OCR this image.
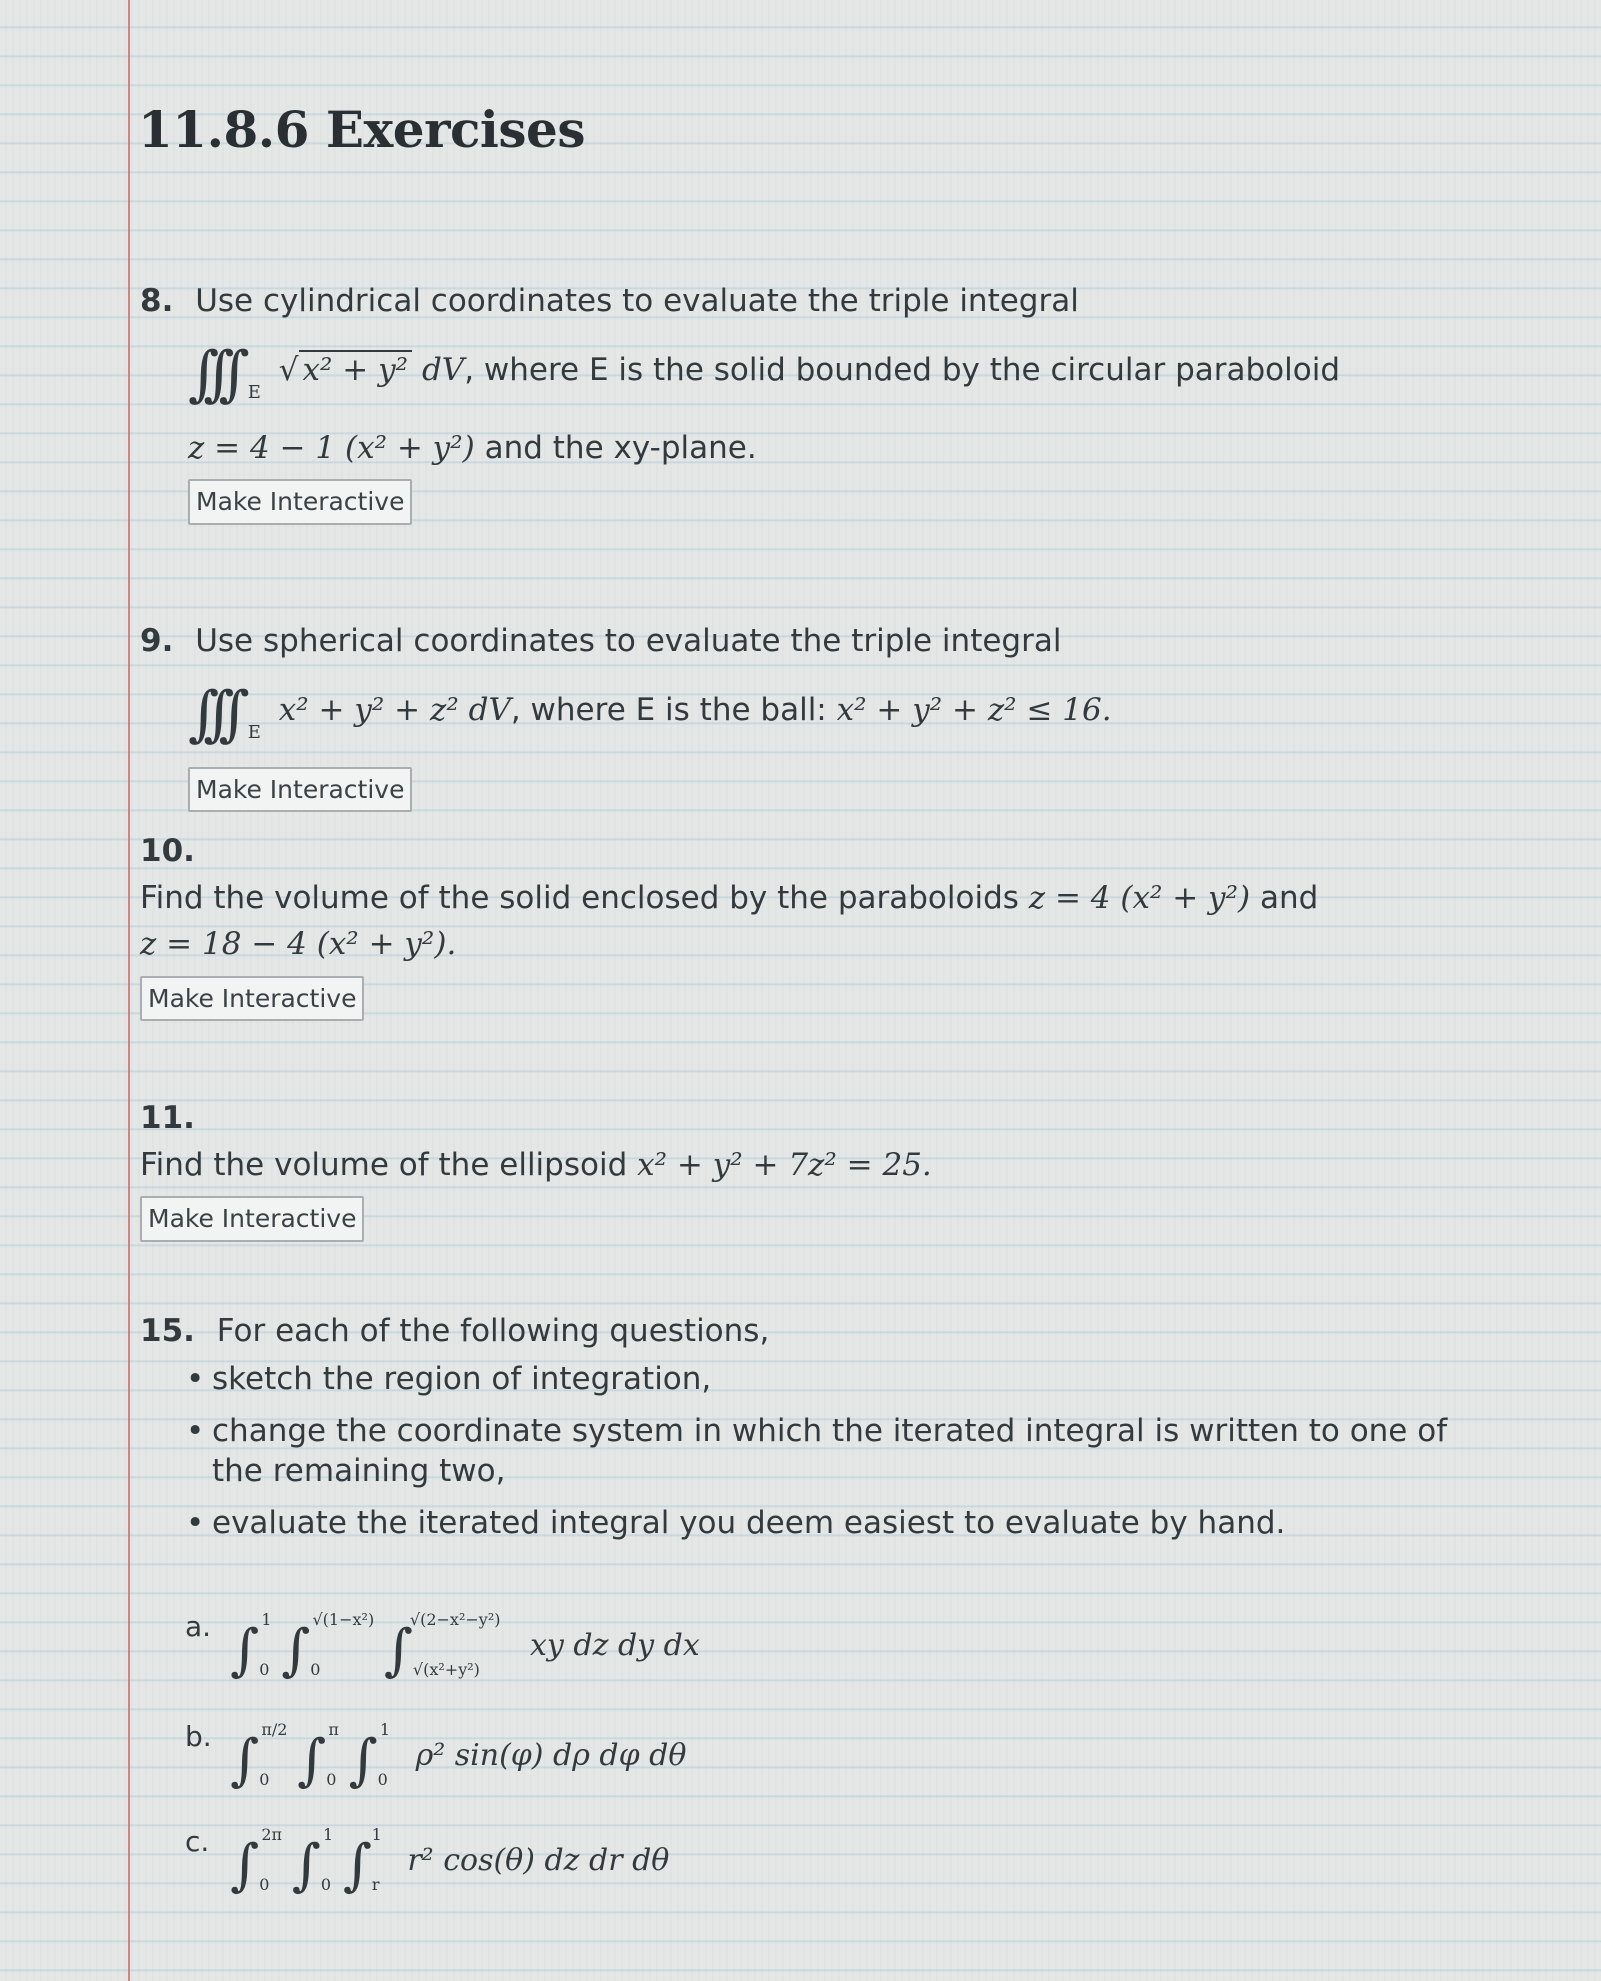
11.8.6 Exercises
8. Use cylindrical coordinates to evaluate the triple integral
∫∫∫ $_E$ √ x² + y² dV, where E is the solid bounded by the circular paraboloid
z = 4 − 1 (x² + y²) and the xy-plane.
Make Interactive
9. Use spherical coordinates to evaluate the triple integral
∫∫∫ $_E$ x² + y² + z² dV, where E is the ball: x² + y² + z² ≤ 16.
Make Interactive
10.
Find the volume of the solid enclosed by the paraboloids z = 4 (x² + y²) and
z = 18 − 4 (x² + y²).
Make Interactive
11.
Find the volume of the ellipsoid x² + y² + 7z² = 25.
Make Interactive
15. For each of the following questions,
• sketch the region of integration,
• change the coordinate system in which the iterated integral is written to one of the remaining two,
• evaluate the iterated integral you deem easiest to evaluate by hand.
a. $\int_0^1$ $\int_0^{√(1-x^2)}$ $\int_{√(x^2+y^2)}^{√(2-x^2-y^2)}$ xy dz dy dx
b. $\int_0^{\pi/2}$ $\int_0^\pi$ $\int_0^1$ ρ² sin(φ) dρ dφ dθ
c. $\int_0^{2\pi}$ $\int_0^1$ $\int_r^1$ r² cos(θ) dz dr dθ
